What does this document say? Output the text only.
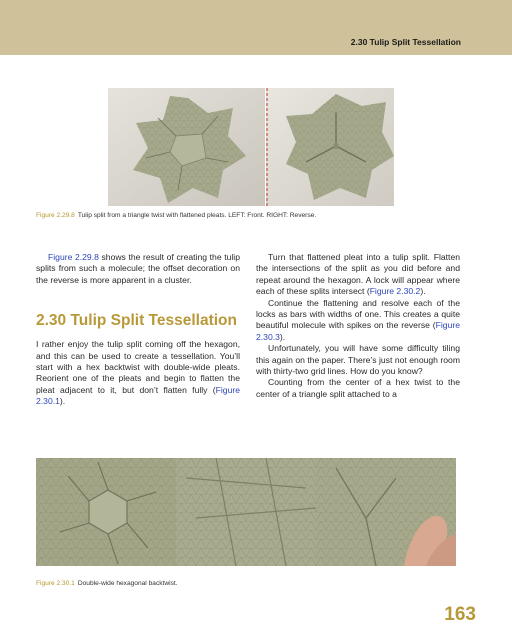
2.30 Tulip Split Tessellation
Figure 2.29.8 Tulip split from a triangle twist with flattened pleats. LEFT: Front. RIGHT: Reverse.

Figure 2.29.8 shows the result of creating the tulip splits from such a molecule; the offset decoration on the reverse is more apparent in a cluster.

2.30 Tulip Split Tessellation

I rather enjoy the tulip split coming off the hexagon, and this can be used to create a tessellation. You’ll start with a hex backtwist with double-wide pleats. Reorient one of the pleats and begin to flatten the pleat adjacent to it, but don’t flatten fully (Figure 2.30.1).

Turn that flattened pleat into a tulip split. Flatten the intersections of the split as you did before and repeat around the hexagon. A lock will appear where each of these splits intersect (Figure 2.30.2).

Continue the flattening and resolve each of the locks as bars with widths of one. This creates a quite beautiful molecule with spikes on the reverse (Figure 2.30.3).

Unfortunately, you will have some difficulty tiling this again on the paper. There’s just not enough room with thirty-two grid lines. How do you know?

Counting from the center of a hex twist to the center of a triangle split attached to a

Figure 2.30.1 Double-wide hexagonal backtwist.
163
